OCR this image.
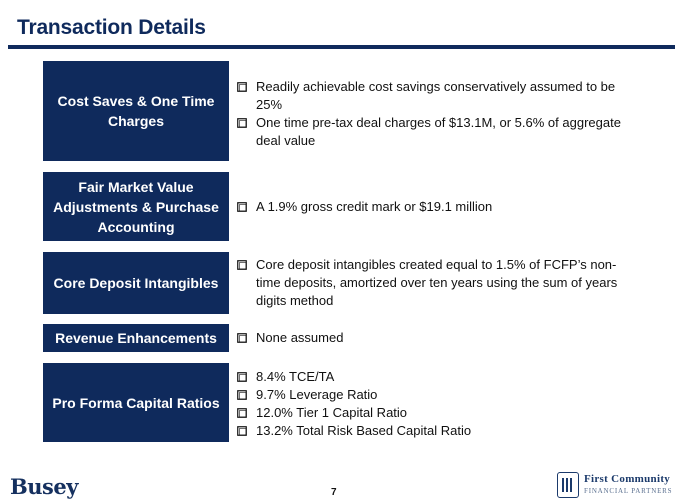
Transaction Details
Cost Saves & One Time Charges
Readily achievable cost savings conservatively assumed to be 25%
One time pre-tax deal charges of $13.1M, or 5.6% of aggregate deal value
Fair Market Value Adjustments & Purchase Accounting
A 1.9% gross credit mark or $19.1 million
Core Deposit Intangibles
Core deposit intangibles created equal to 1.5% of FCFP’s non-time deposits, amortized over ten years using the sum of years digits method
Revenue Enhancements	None assumed
Pro Forma Capital Ratios
8.4% TCE/TA
9.7% Leverage Ratio
12.0% Tier 1 Capital Ratio
13.2% Total Risk Based Capital Ratio
Busey	7
First Community
FINANCIAL PARTNERS
